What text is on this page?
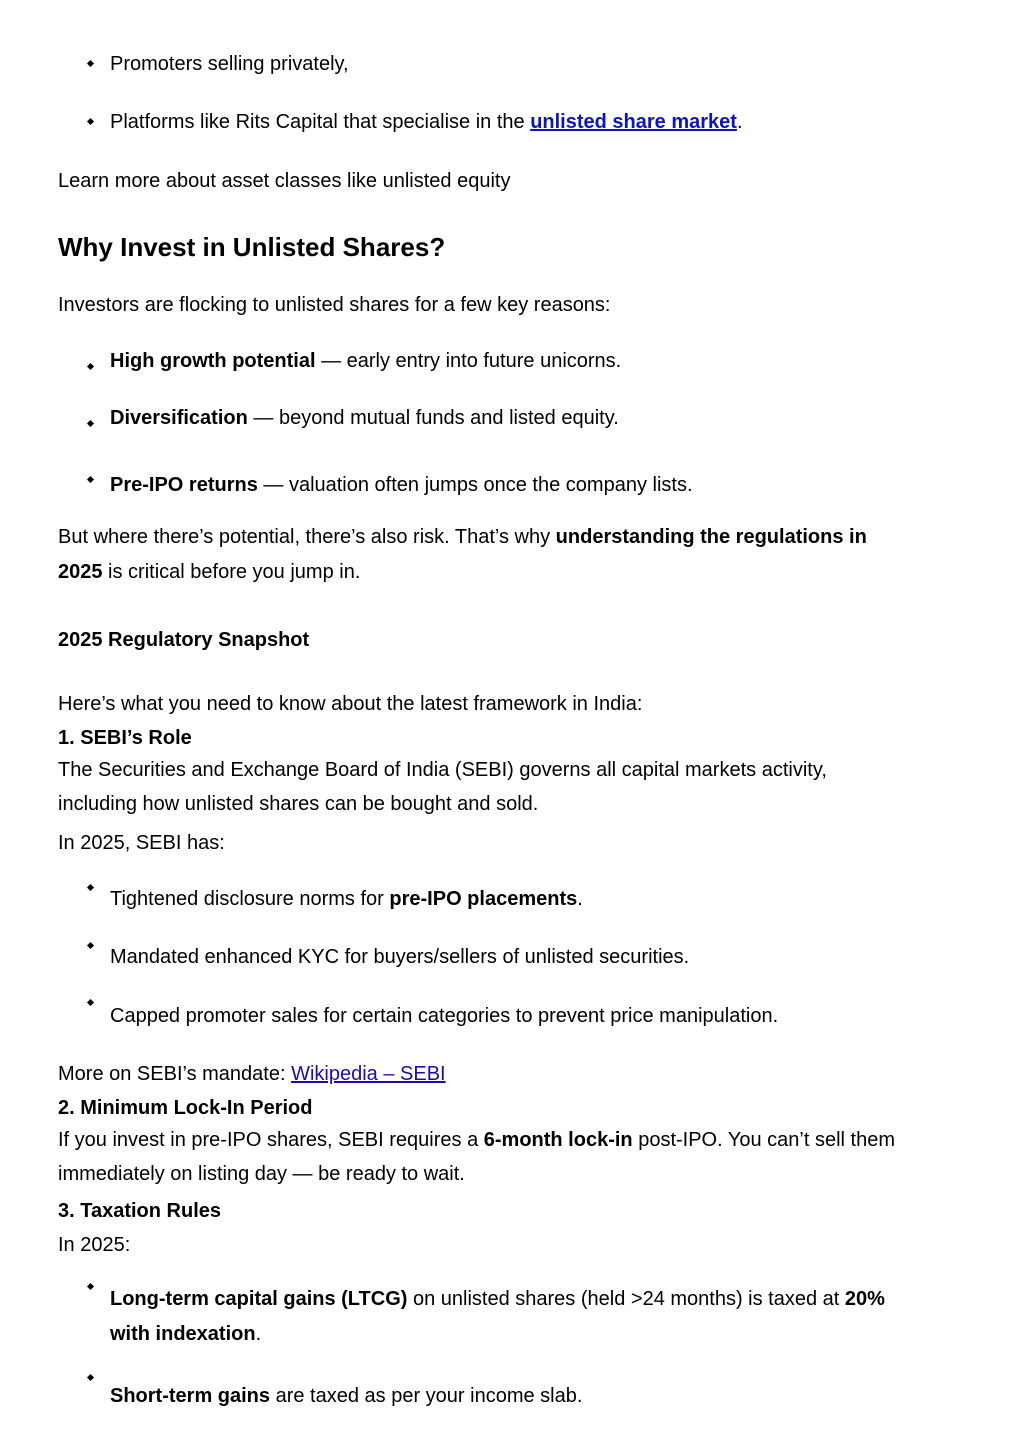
Promoters selling privately,
Platforms like Rits Capital that specialise in the unlisted share market.
Learn more about asset classes like unlisted equity
Why Invest in Unlisted Shares?
Investors are flocking to unlisted shares for a few key reasons:
High growth potential — early entry into future unicorns.
Diversification — beyond mutual funds and listed equity.
Pre-IPO returns — valuation often jumps once the company lists.
But where there’s potential, there’s also risk. That’s why understanding the regulations in
2025 is critical before you jump in.
2025 Regulatory Snapshot
Here’s what you need to know about the latest framework in India:
1. SEBI’s Role
The Securities and Exchange Board of India (SEBI) governs all capital markets activity,
including how unlisted shares can be bought and sold.
In 2025, SEBI has:
Tightened disclosure norms for pre-IPO placements.
Mandated enhanced KYC for buyers/sellers of unlisted securities.
Capped promoter sales for certain categories to prevent price manipulation.
More on SEBI’s mandate: Wikipedia – SEBI
2. Minimum Lock-In Period
If you invest in pre-IPO shares, SEBI requires a 6-month lock-in post-IPO. You can’t sell them
immediately on listing day — be ready to wait.
3. Taxation Rules
In 2025:
Long-term capital gains (LTCG) on unlisted shares (held >24 months) is taxed at 20%
with indexation.
Short-term gains are taxed as per your income slab.
